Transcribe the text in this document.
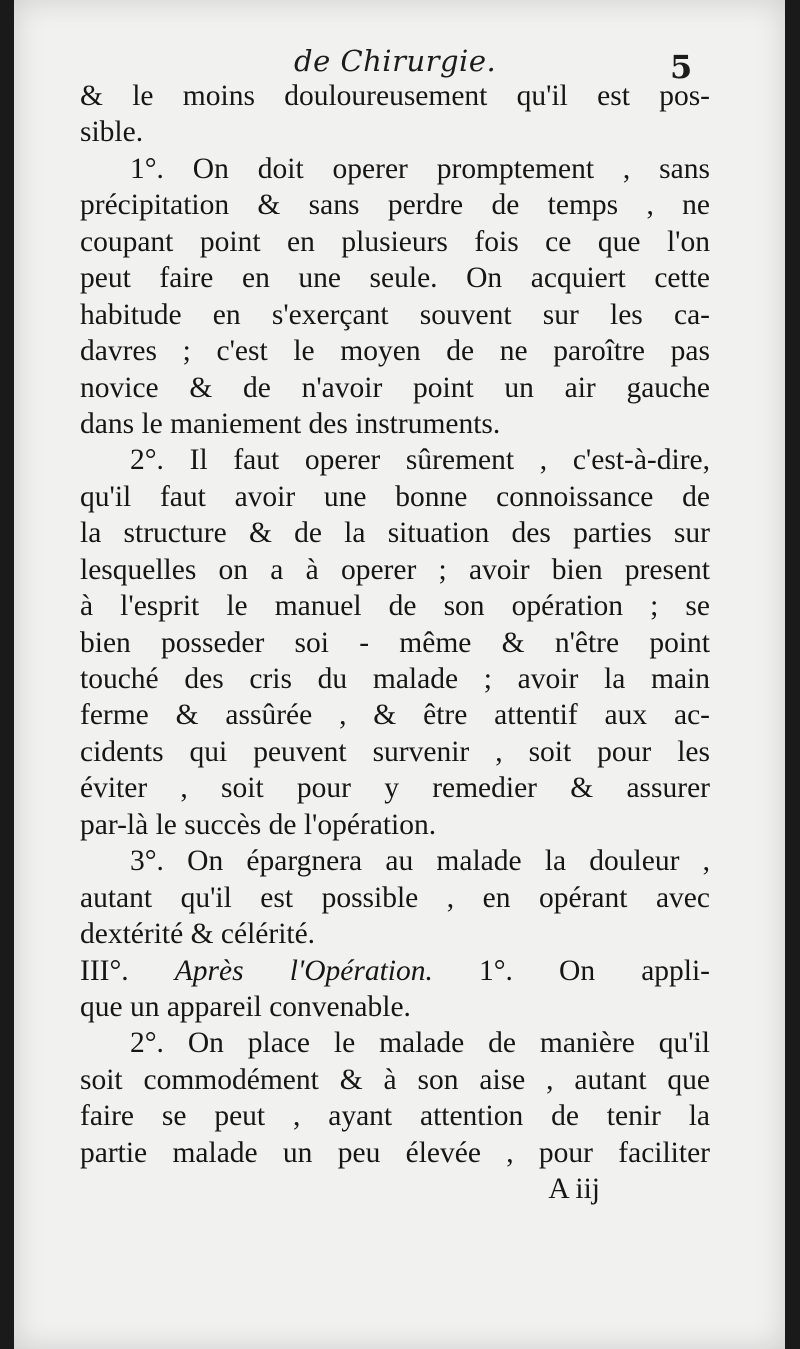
de Chirurgie.	5
& le moins douloureusement qu'il est pos-
sible.
1°. On doit operer promptement , sans
précipitation & sans perdre de temps , ne
coupant point en plusieurs fois ce que l'on
peut faire en une seule. On acquiert cette
habitude en s'exerçant souvent sur les ca-
davres ; c'est le moyen de ne paroître pas
novice & de n'avoir point un air gauche
dans le maniement des instruments.
2°. Il faut operer sûrement , c'est-à-dire,
qu'il faut avoir une bonne connoissance de
la structure & de la situation des parties sur
lesquelles on a à operer ; avoir bien present
à l'esprit le manuel de son opération ; se
bien posseder soi - même & n'être point
touché des cris du malade ; avoir la main
ferme & assûrée , & être attentif aux ac-
cidents qui peuvent survenir , soit pour les
éviter , soit pour y remedier & assurer
par-là le succès de l'opération.
3°. On épargnera au malade la douleur ,
autant qu'il est possible , en opérant avec
dextérité & célérité.
III°. Après l'Opération. 1°. On appli-
que un appareil convenable.
2°. On place le malade de manière qu'il
soit commodément & à son aise , autant que
faire se peut , ayant attention de tenir la
partie malade un peu élevée , pour faciliter
A iij
